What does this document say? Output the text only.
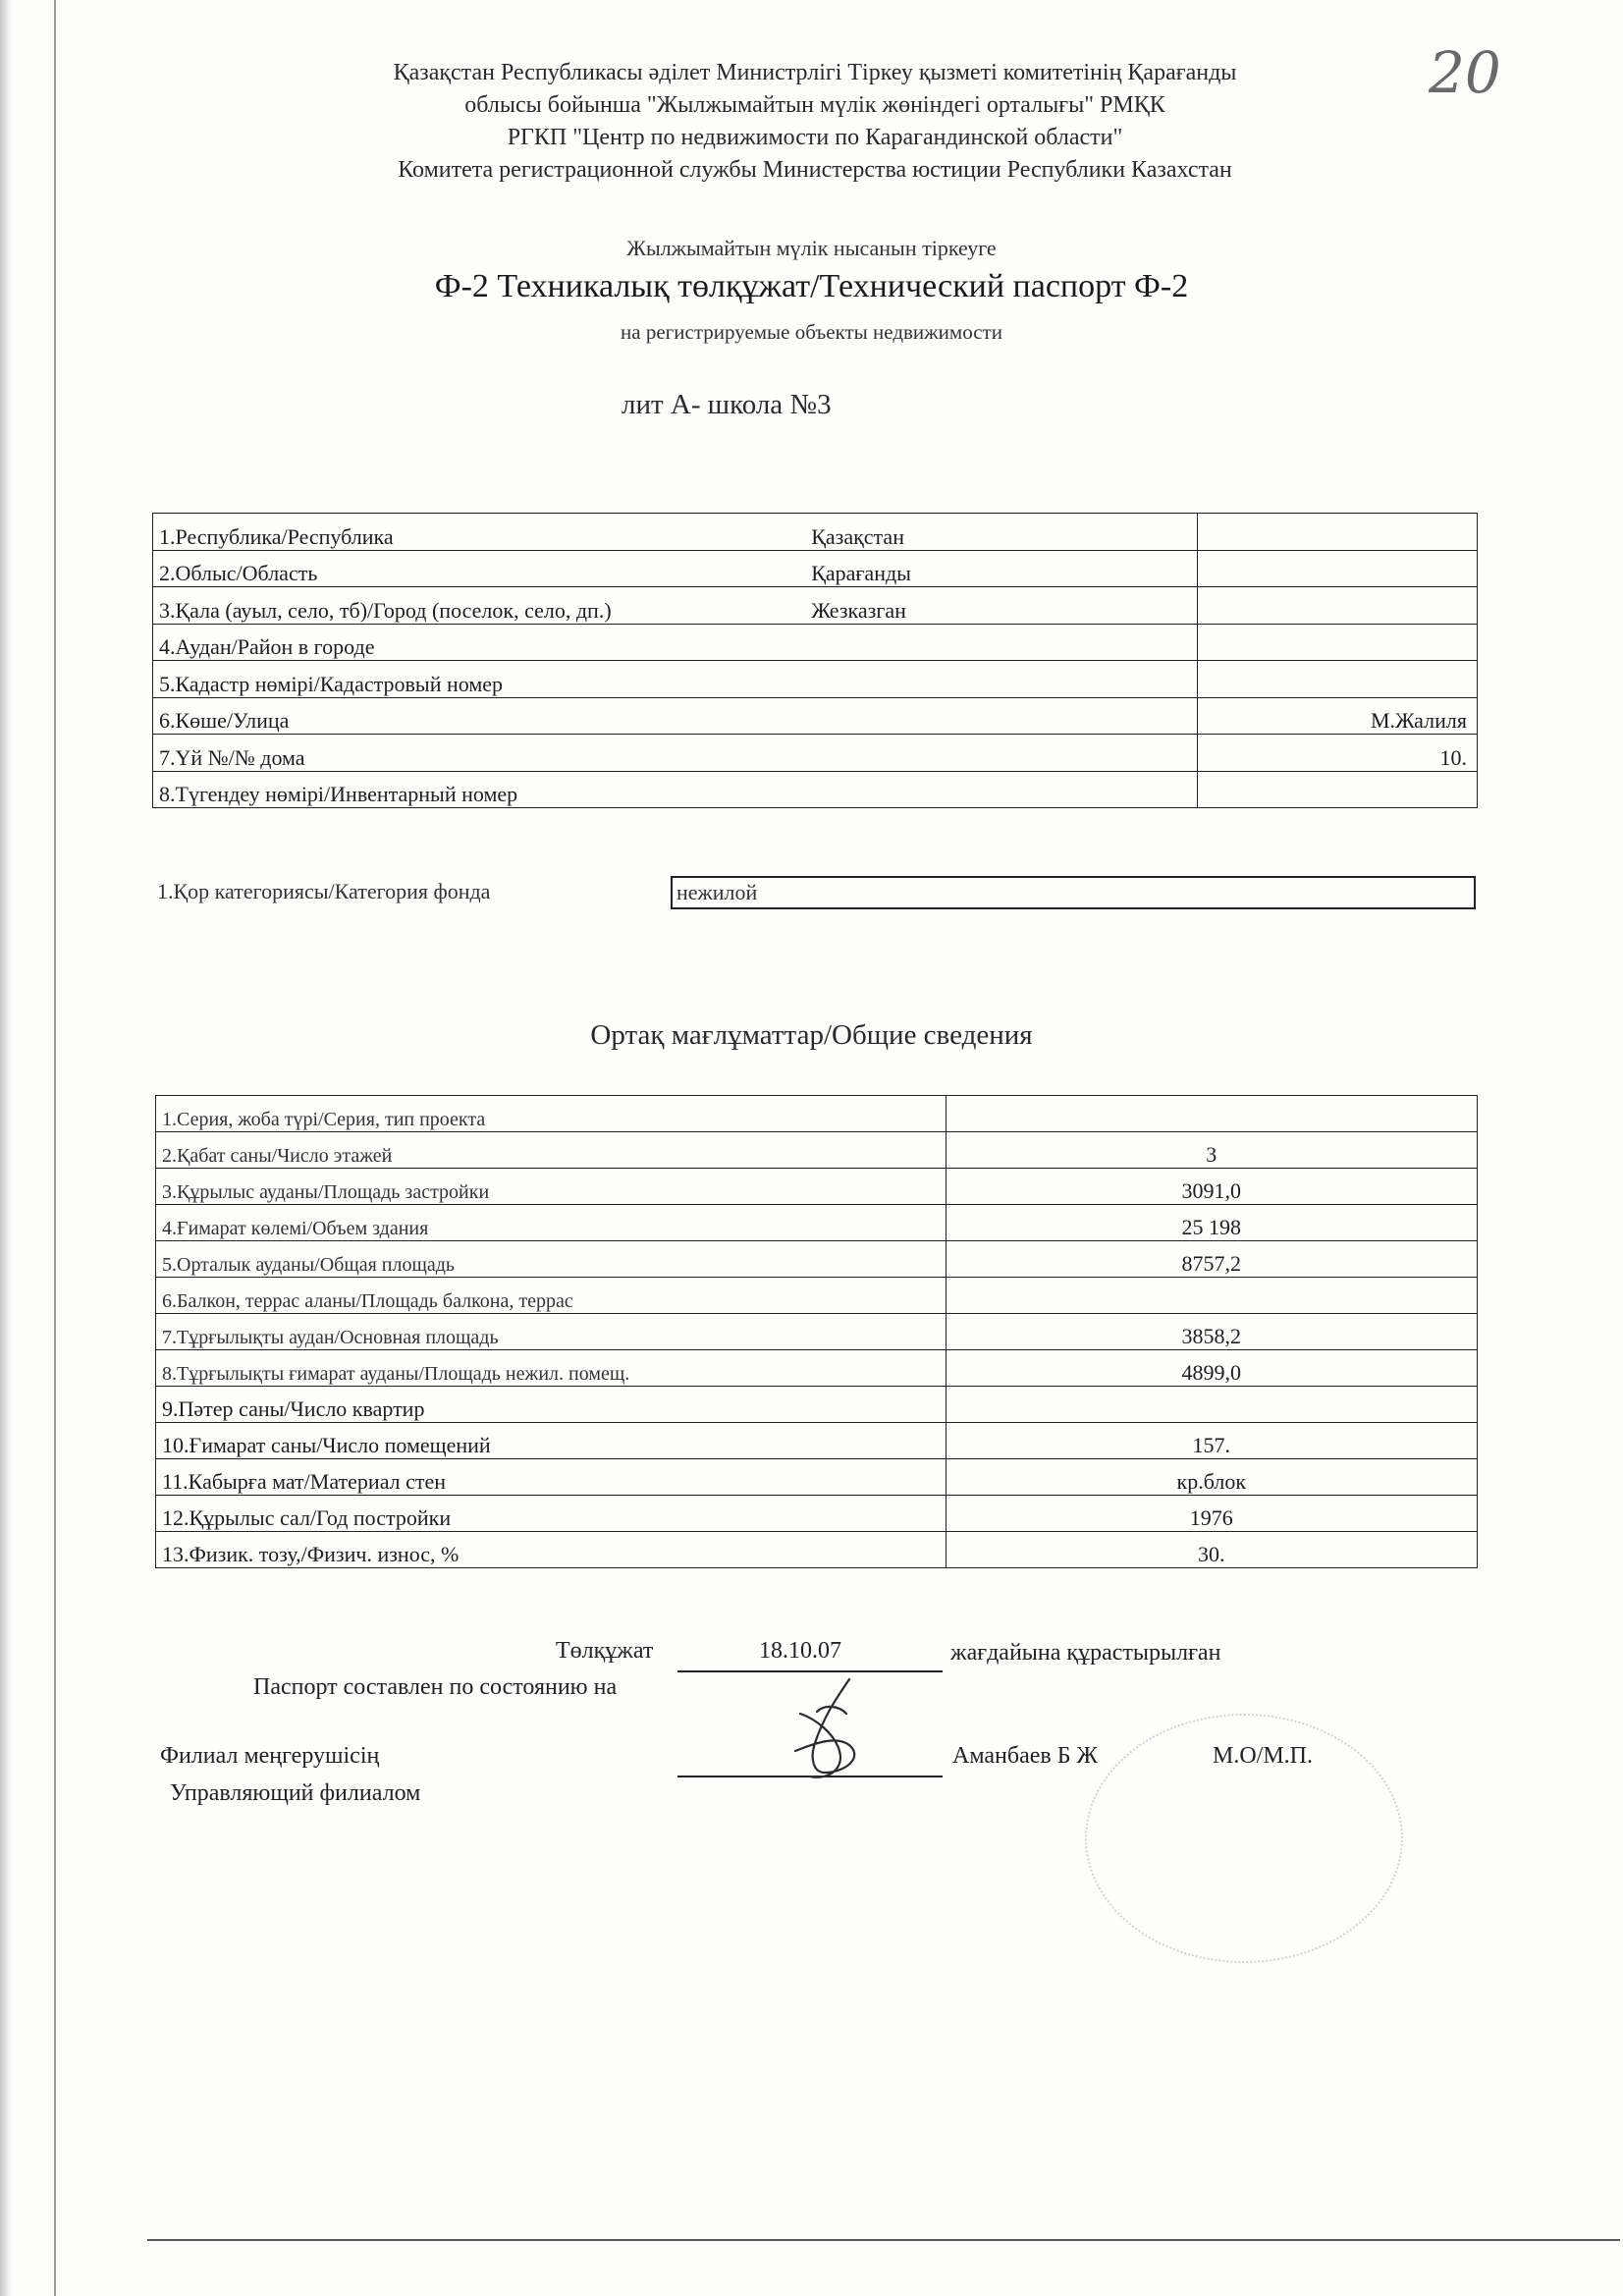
Қазақстан Республикасы әділет Министрлігі Тіркеу қызметі комитетінің Қарағанды
облысы бойынша "Жылжымайтын мүлік жөніндегі орталығы" РМҚК
РГКП "Центр по недвижимости по Карагандинской области"
Комитета регистрационной службы Министерства юстиции Республики Казахстан
20
Жылжымайтын мүлік нысанын тіркеуге
Ф-2 Техникалық төлқұжат/Технический паспорт Ф-2
на регистрируемые объекты недвижимости
лит А- школа №3
1.Республика/Республика	Қазақстан	
2.Облыс/Область	Қарағанды	
3.Қала (ауыл, село, тб)/Город (поселок, село, дп.)	Жезказган	
4.Аудан/Район в городе		
5.Кадастр нөмірі/Кадастровый номер		
6.Көше/Улица		М.Жалиля
7.Үй №/№ дома		10.
8.Түгендеу нөмірі/Инвентарный номер		
1.Қор категориясы/Категория фонда	нежилой
Ортақ мағлұматтар/Общие сведения
1.Серия, жоба түрі/Серия, тип проекта	
2.Қабат саны/Число этажей	3
3.Құрылыс ауданы/Площадь застройки	3091,0
4.Ғимарат көлемі/Объем здания	25 198
5.Орталык ауданы/Общая площадь	8757,2
6.Балкон, террас аланы/Площадь балкона, террас	
7.Тұрғылықты аудан/Основная площадь	3858,2
8.Тұрғылықты ғимарат ауданы/Площадь нежил. помещ.	4899,0
9.Пәтер саны/Число квартир	
10.Ғимарат саны/Число помещений	157.
11.Кабырға мат/Материал стен	кр.блок
12.Құрылыс сал/Год постройки	1976
13.Физик. тозу,/Физич. износ, %	30.
Төлқұжат	18.10.07	жағдайына құрастырылған
Паспорт составлен по состоянию на
Филиал меңгерушісің
Управляющий филиалом
Аманбаев Б Ж	М.О/М.П.
